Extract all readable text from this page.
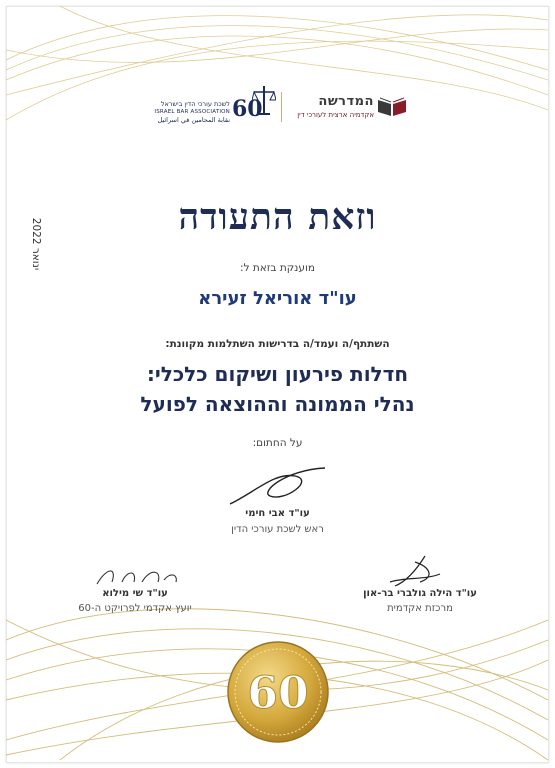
לשכת עורכי הדין בישראל
ISRAEL BAR ASSOCIATION
نقابة المحامين في اسرائيل 60	המדרשה
אקדמיה ארצית לעורכי דין
וזאת התעודה
ינואר 2022	מוענקת בזאת ל:
עו"ד אוריאל זעירא
השתתף/ה ועמד/ה בדרישות השתלמות מקוונת:
חדלות פירעון ושיקום כלכלי:
נהלי הממונה וההוצאה לפועל
על החתום:
עו"ד אבי חימי
ראש לשכת עורכי הדין
עו"ד הילה גולברי בר-און
מרכזת אקדמית
עו"ד שי מילוא
יועץ אקדמי לפרויקט ה-60
60
